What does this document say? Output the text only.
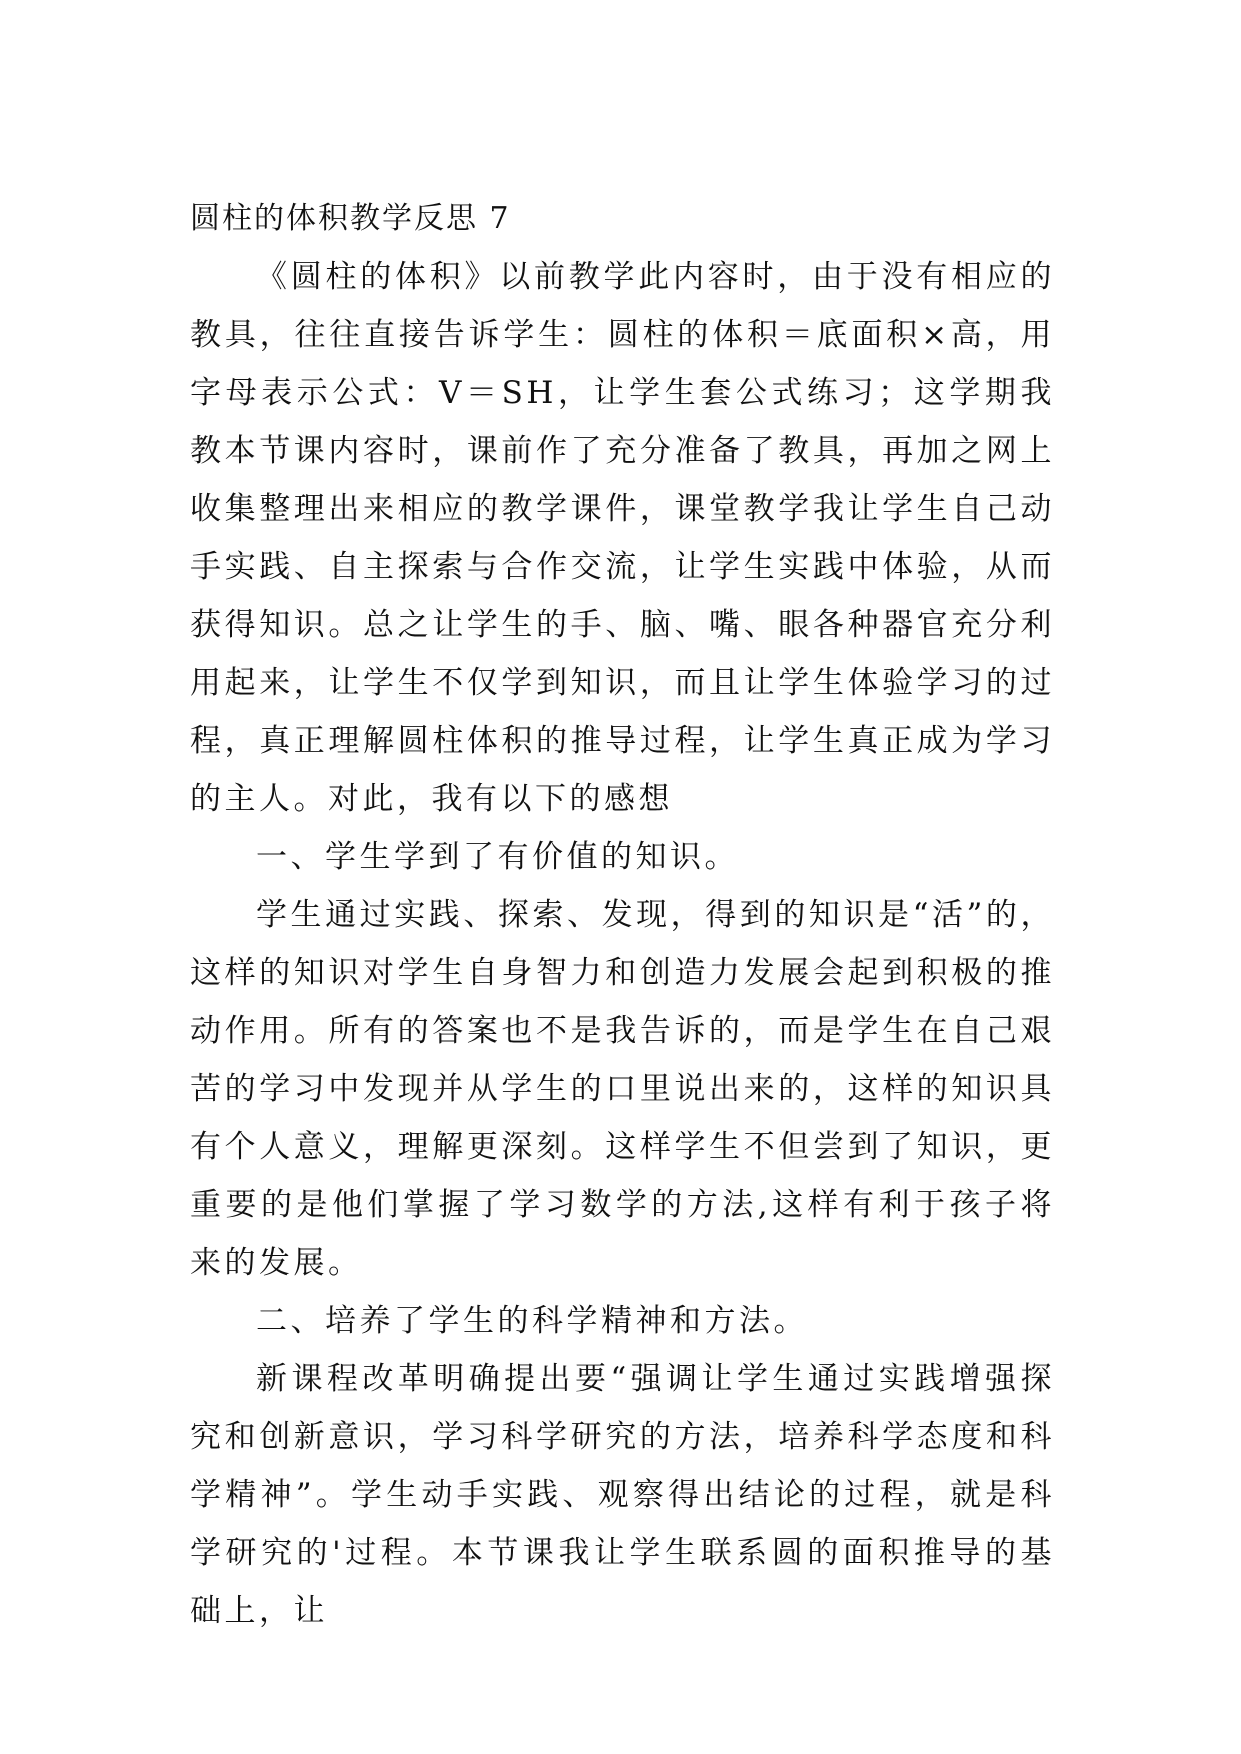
圆柱的体积教学反思 7

《圆柱的体积》以前教学此内容时，由于没有相应的教具，往往直接告诉学生：圆柱的体积＝底面积×高，用字母表示公式：V＝SH，让学生套公式练习；这学期我教本节课内容时，课前作了充分准备了教具，再加之网上收集整理出来相应的教学课件，课堂教学我让学生自己动手实践、自主探索与合作交流，让学生实践中体验，从而获得知识。总之让学生的手、脑、嘴、眼各种器官充分利用起来，让学生不仅学到知识，而且让学生体验学习的过程，真正理解圆柱体积的推导过程，让学生真正成为学习的主人。对此，我有以下的感想

一、学生学到了有价值的知识。

学生通过实践、探索、发现，得到的知识是“活”的，这样的知识对学生自身智力和创造力发展会起到积极的推动作用。所有的答案也不是我告诉的，而是学生在自己艰苦的学习中发现并从学生的口里说出来的，这样的知识具有个人意义，理解更深刻。这样学生不但尝到了知识，更重要的是他们掌握了学习数学的方法,这样有利于孩子将来的发展。

二、培养了学生的科学精神和方法。

新课程改革明确提出要“强调让学生通过实践增强探究和创新意识，学习科学研究的方法，培养科学态度和科学精神”。学生动手实践、观察得出结论的过程，就是科学研究的'过程。本节课我让学生联系圆的面积推导的基础上，让
